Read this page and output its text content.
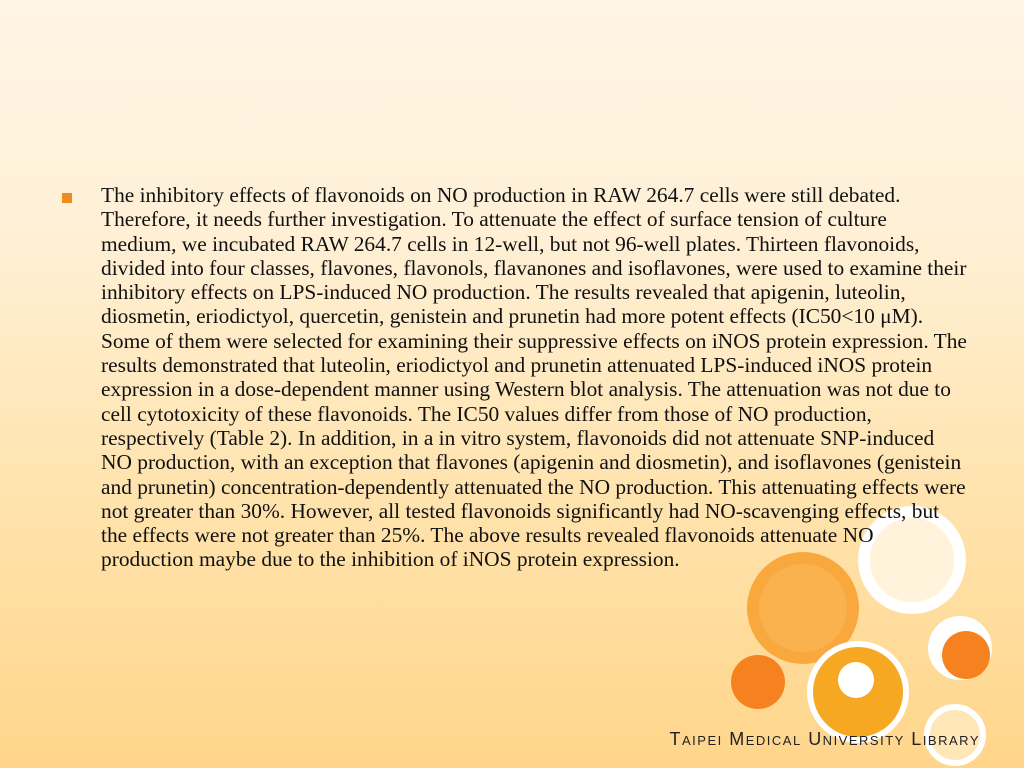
The inhibitory effects of flavonoids on NO production in RAW 264.7 cells were still debated. Therefore, it needs further investigation. To attenuate the effect of surface tension of culture medium, we incubated RAW 264.7 cells in 12-well, but not 96-well plates. Thirteen flavonoids, divided into four classes, flavones, flavonols, flavanones and isoflavones, were used to examine their inhibitory effects on LPS-induced NO production. The results revealed that apigenin, luteolin, diosmetin, eriodictyol, quercetin, genistein and prunetin had more potent effects (IC50<10 μM). Some of them were selected for examining their suppressive effects on iNOS protein expression. The results demonstrated that luteolin, eriodictyol and prunetin attenuated LPS-induced iNOS protein expression in a dose-dependent manner using Western blot analysis. The attenuation was not due to cell cytotoxicity of these flavonoids. The IC50 values differ from those of NO production, respectively (Table 2). In addition, in a in vitro system, flavonoids did not attenuate SNP-induced NO production, with an exception that flavones (apigenin and diosmetin), and isoflavones (genistein and prunetin) concentration-dependently attenuated the NO production. This attenuating effects were not greater than 30%. However, all tested flavonoids significantly had NO-scavenging effects, but the effects were not greater than 25%. The above results revealed flavonoids attenuate NO production maybe due to the inhibition of iNOS protein expression.

Taipei Medical University Library
